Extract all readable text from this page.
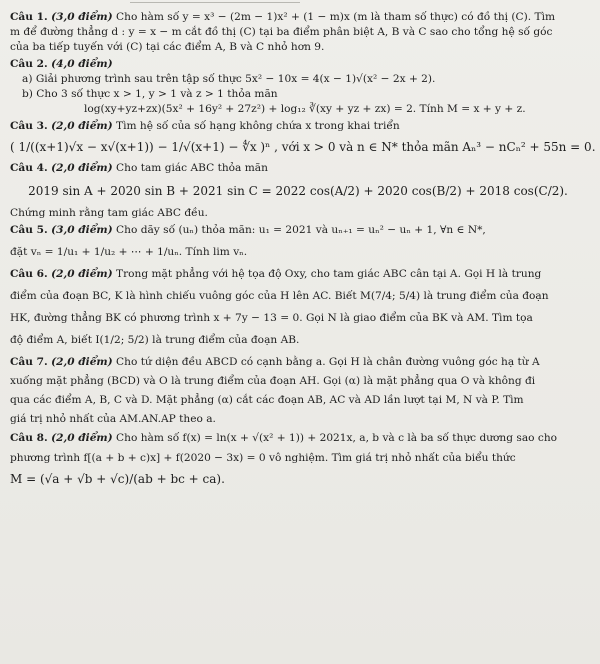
Câu 1. (3,0 điểm) Cho hàm số y = x³ − (2m − 1)x² + (1 − m)x (m là tham số thực) có đồ thị (C). Tìm
m để đường thẳng d : y = x − m cắt đồ thị (C) tại ba điểm phân biệt A, B và C sao cho tổng hệ số góc
của ba tiếp tuyến với (C) tại các điểm A, B và C nhỏ hơn 9.
Câu 2. (4,0 điểm)
a) Giải phương trình sau trên tập số thực 5x² − 10x = 4(x − 1)√(x² − 2x + 2).
b) Cho 3 số thực x > 1, y > 1 và z > 1 thỏa mãn
log(xy+yz+zx)(5x² + 16y² + 27z²) + log₁₂ ∛(xy + yz + zx) = 2. Tính M = x + y + z.
Câu 3. (2,0 điểm) Tìm hệ số của số hạng không chứa x trong khai triển
( 1/((x+1)√x − x√(x+1)) − 1/√(x+1) − ∜x )ⁿ , với x > 0 và n ∈ N* thỏa mãn Aₙ³ − nCₙ² + 55n = 0.
Câu 4. (2,0 điểm) Cho tam giác ABC thỏa mãn
2019 sin A + 2020 sin B + 2021 sin C = 2022 cos(A/2) + 2020 cos(B/2) + 2018 cos(C/2).
Chứng minh rằng tam giác ABC đều.
Câu 5. (3,0 điểm) Cho dãy số (uₙ) thỏa mãn: u₁ = 2021 và uₙ₊₁ = uₙ² − uₙ + 1, ∀n ∈ N*,
đặt vₙ = 1/u₁ + 1/u₂ + ⋯ + 1/uₙ. Tính lim vₙ.
Câu 6. (2,0 điểm) Trong mặt phẳng với hệ tọa độ Oxy, cho tam giác ABC cân tại A. Gọi H là trung
điểm của đoạn BC, K là hình chiếu vuông góc của H lên AC. Biết M(7/4; 5/4) là trung điểm của đoạn
HK, đường thẳng BK có phương trình x + 7y − 13 = 0. Gọi N là giao điểm của BK và AM. Tìm tọa
độ điểm A, biết I(1/2; 5/2) là trung điểm của đoạn AB.
Câu 7. (2,0 điểm) Cho tứ diện đều ABCD có cạnh bằng a. Gọi H là chân đường vuông góc hạ từ A
xuống mặt phẳng (BCD) và O là trung điểm của đoạn AH. Gọi (α) là mặt phẳng qua O và không đi
qua các điểm A, B, C và D. Mặt phẳng (α) cắt các đoạn AB, AC và AD lần lượt tại M, N và P. Tìm
giá trị nhỏ nhất của AM.AN.AP theo a.
Câu 8. (2,0 điểm) Cho hàm số f(x) = ln(x + √(x² + 1)) + 2021x, a, b và c là ba số thực dương sao cho
phương trình f[(a + b + c)x] + f(2020 − 3x) = 0 vô nghiệm. Tìm giá trị nhỏ nhất của biểu thức
M = (√a + √b + √c)/(ab + bc + ca).
